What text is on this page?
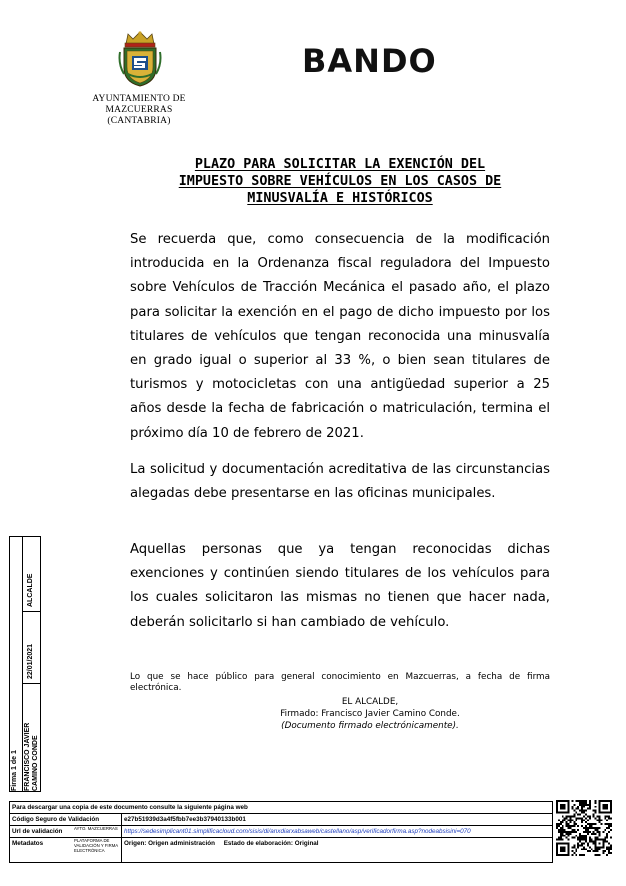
AYUNTAMIENTO DE
MAZCUERRAS
(CANTABRIA)
BANDO
PLAZO PARA SOLICITAR LA EXENCIÓN DEL
IMPUESTO SOBRE VEHÍCULOS EN LOS CASOS DE
MINUSVALÍA E HISTÓRICOS
Se recuerda que, como consecuencia de la modificación introducida en la Ordenanza fiscal reguladora del Impuesto sobre Vehículos de Tracción Mecánica el pasado año, el plazo para solicitar la exención en el pago de dicho impuesto por los titulares de vehículos que tengan reconocida una minusvalía en grado igual o superior al 33 %, o bien sean titulares de turismos y motocicletas con una antigüedad superior a 25 años desde la fecha de fabricación o matriculación, termina el próximo día 10 de febrero de 2021.
La solicitud y documentación acreditativa de las circunstancias alegadas debe presentarse en las oficinas municipales.
Aquellas personas que ya tengan reconocidas dichas exenciones y continúen siendo titulares de los vehículos para los cuales solicitaron las mismas no tienen que hacer nada, deberán solicitarlo si han cambiado de vehículo.
Lo que se hace público para general conocimiento en Mazcuerras, a fecha de firma electrónica.
EL ALCALDE,
Firmado: Francisco Javier Camino Conde.
(Documento firmado electrónicamente).
Firma 1 de 1 FRANCISCO JAVIER CAMINO CONDE
22/01/2021
ALCALDE
Para descargar una copia de este documento consulte la siguiente página web
Código Seguro de Validación	e27b51939d3a4f5fbb7ee3b37940133b001
Url de validación	AYTO. MAZCUERRAS https://sedesimplicant01.simplificacloud.com/sisis/di/anxdiarxabsaweb/castellano/asp/verificadorfirma.asp?nodeabsisini=070
Metadatos	PLATAFORMA DE VALIDACIÓN Y FIRMA ELECTRÓNICA
Origen: Origen administración     Estado de elaboración: Original
